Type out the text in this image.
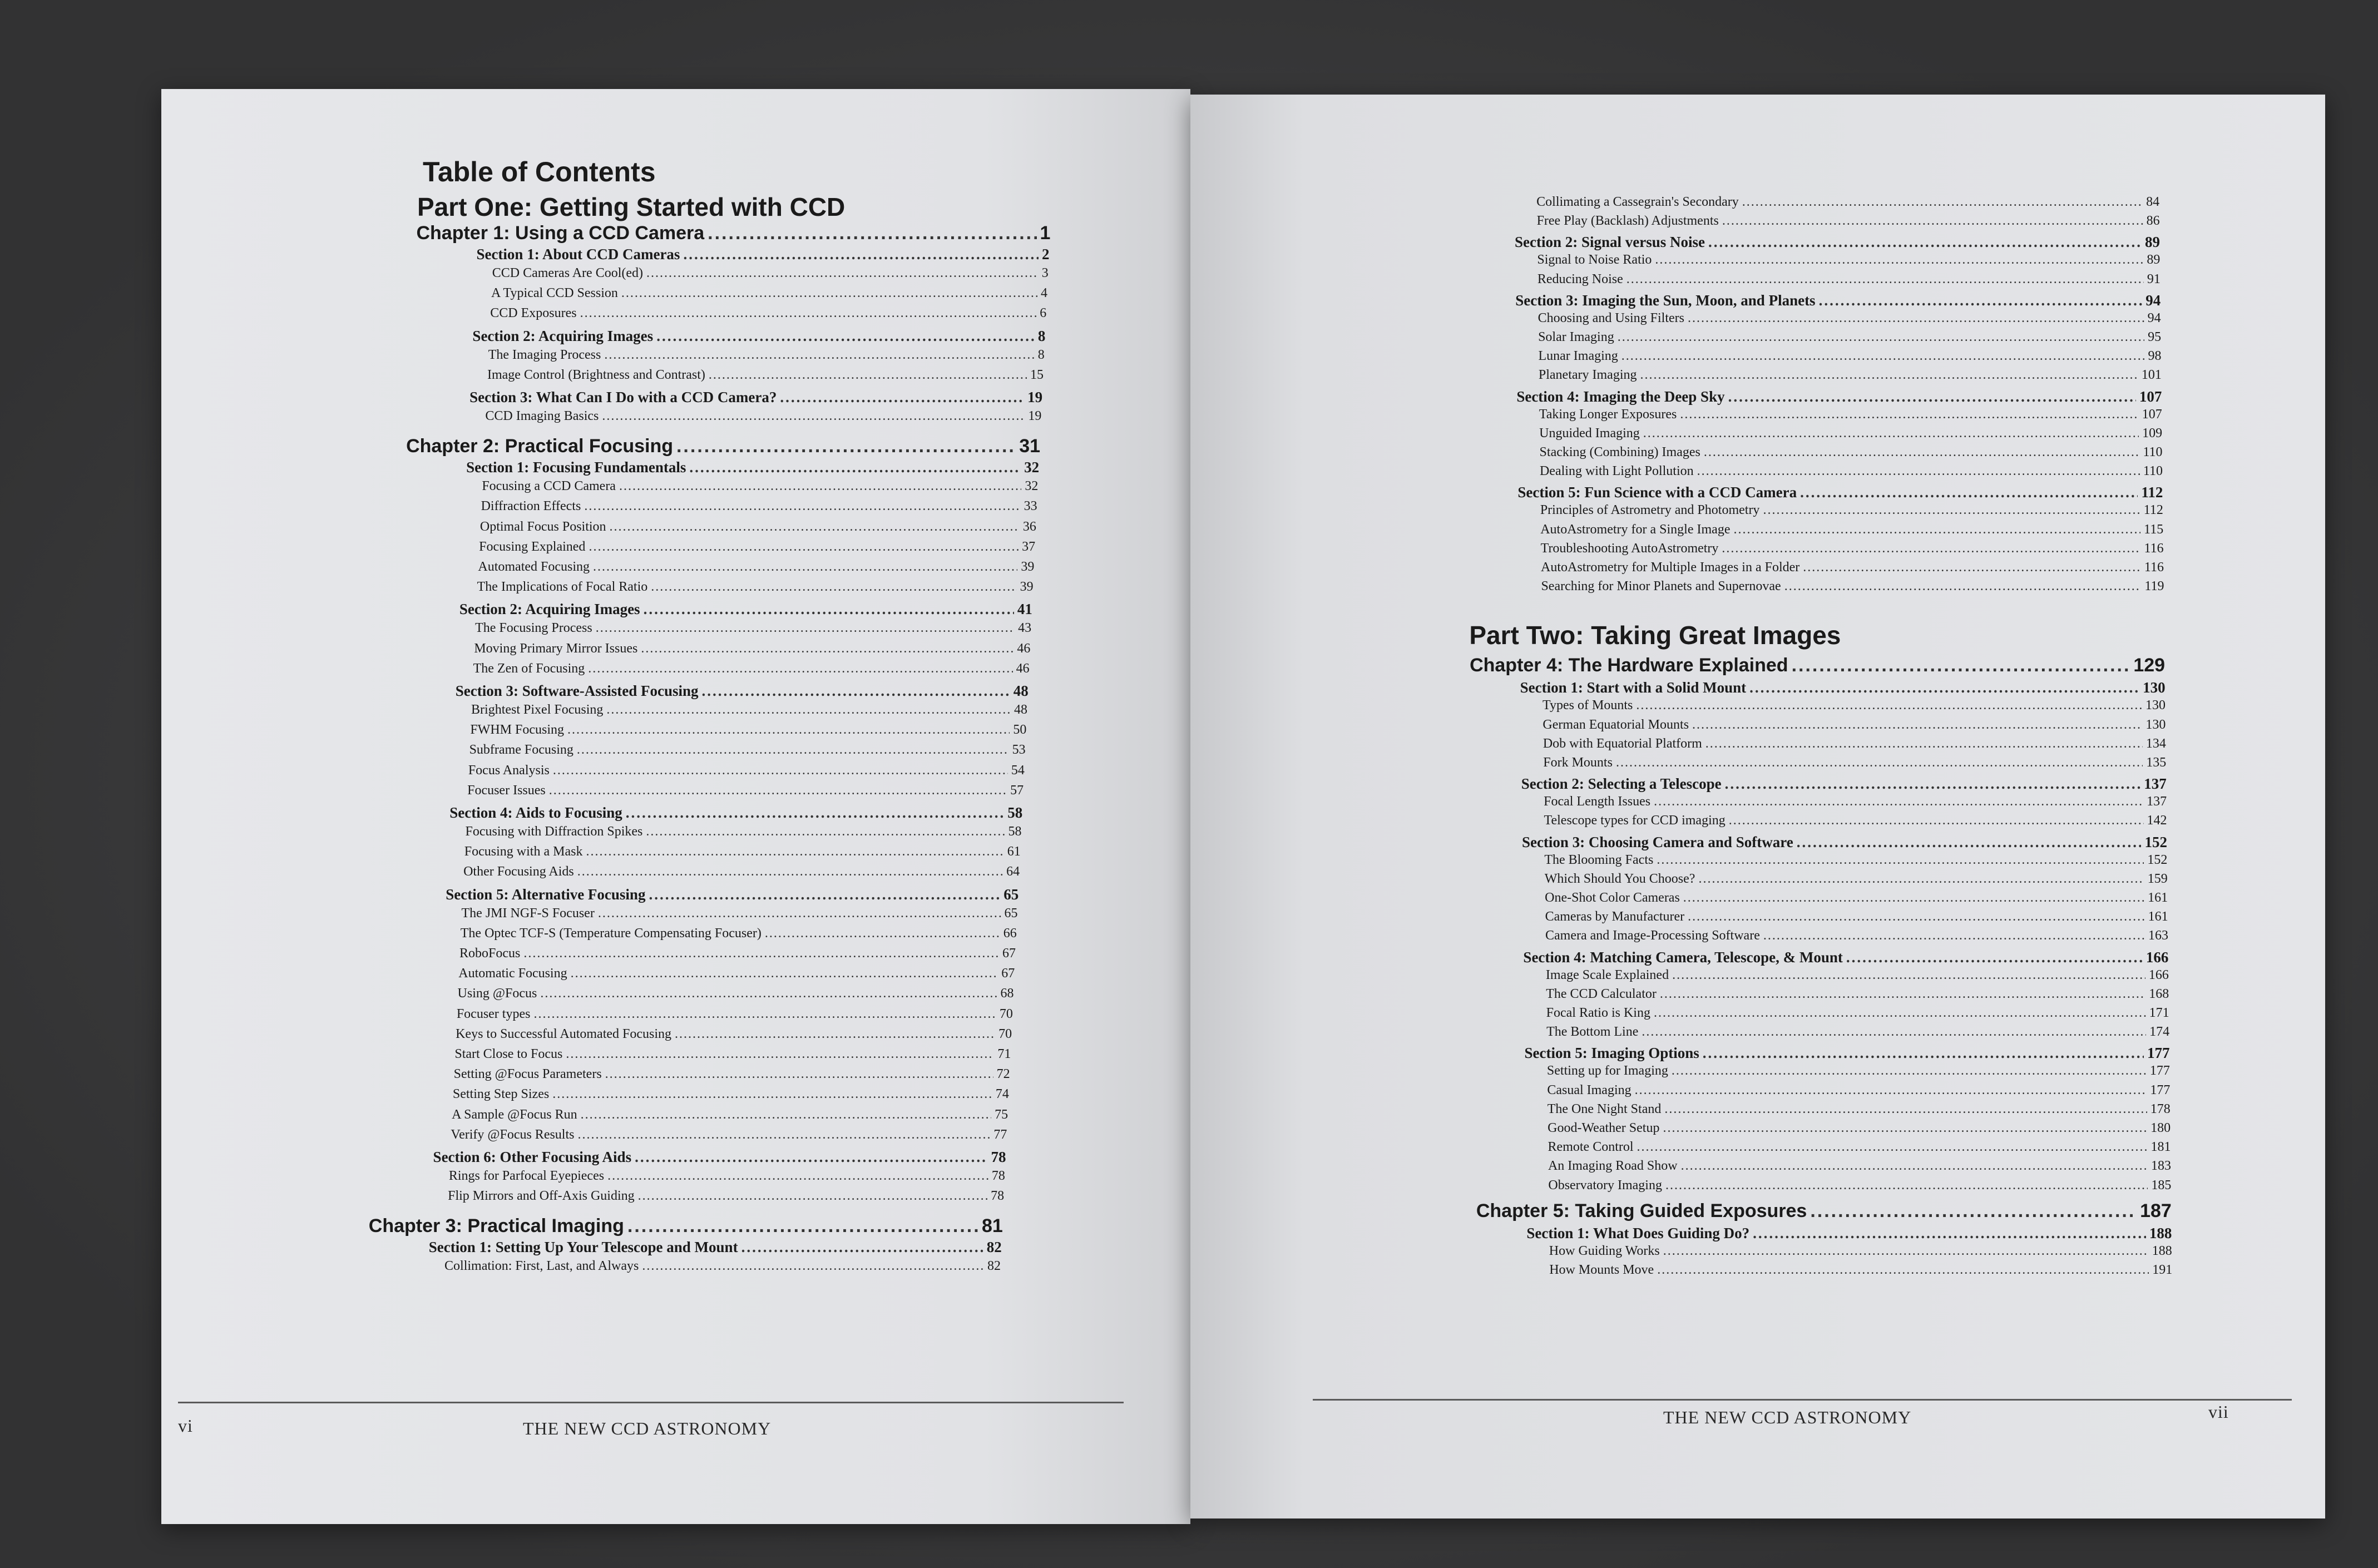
Table of Contents
Part One: Getting Started with CCD
Chapter 1: Using a CCD Camera .....	1
Section 1: About CCD Cameras .....	2
CCD Cameras Are Cool(ed) .....	3
A Typical CCD Session .....	4
CCD Exposures .....	6
Section 2: Acquiring Images .....	8
The Imaging Process .....	8
Image Control (Brightness and Contrast) .....	15
Section 3: What Can I Do with a CCD Camera? .....	19
CCD Imaging Basics .....	19
Chapter 2: Practical Focusing .....	31
Section 1: Focusing Fundamentals .....	32
Focusing a CCD Camera .....	32
Diffraction Effects .....	33
Optimal Focus Position .....	36
Focusing Explained .....	37
Automated Focusing .....	39
The Implications of Focal Ratio .....	39
Section 2: Acquiring Images .....	41
The Focusing Process .....	43
Moving Primary Mirror Issues .....	46
The Zen of Focusing .....	46
Section 3: Software-Assisted Focusing .....	48
Brightest Pixel Focusing .....	48
FWHM Focusing .....	50
Subframe Focusing .....	53
Focus Analysis .....	54
Focuser Issues .....	57
Section 4: Aids to Focusing .....	58
Focusing with Diffraction Spikes .....	58
Focusing with a Mask .....	61
Other Focusing Aids .....	64
Section 5: Alternative Focusing .....	65
The JMI NGF-S Focuser .....	65
The Optec TCF-S (Temperature Compensating Focuser) .....	66
RoboFocus .....	67
Automatic Focusing .....	67
Using @Focus .....	68
Focuser types .....	70
Keys to Successful Automated Focusing .....	70
Start Close to Focus .....	71
Setting @Focus Parameters .....	72
Setting Step Sizes .....	74
A Sample @Focus Run .....	75
Verify @Focus Results .....	77
Section 6: Other Focusing Aids .....	78
Rings for Parfocal Eyepieces .....	78
Flip Mirrors and Off-Axis Guiding .....	78
Chapter 3: Practical Imaging .....	81
Section 1: Setting Up Your Telescope and Mount .....	82
Collimation: First, Last, and Always .....	82
vi	THE NEW CCD ASTRONOMY
Collimating a Cassegrain's Secondary .....	84
Free Play (Backlash) Adjustments .....	86
Section 2: Signal versus Noise .....	89
Signal to Noise Ratio .....	89
Reducing Noise .....	91
Section 3: Imaging the Sun, Moon, and Planets .....	94
Choosing and Using Filters .....	94
Solar Imaging .....	95
Lunar Imaging .....	98
Planetary Imaging .....	101
Section 4: Imaging the Deep Sky .....	107
Taking Longer Exposures .....	107
Unguided Imaging .....	109
Stacking (Combining) Images .....	110
Dealing with Light Pollution .....	110
Section 5: Fun Science with a CCD Camera .....	112
Principles of Astrometry and Photometry .....	112
AutoAstrometry for a Single Image .....	115
Troubleshooting AutoAstrometry .....	116
AutoAstrometry for Multiple Images in a Folder .....	116
Searching for Minor Planets and Supernovae .....	119
Part Two: Taking Great Images
Chapter 4: The Hardware Explained .....	129
Section 1: Start with a Solid Mount .....	130
Types of Mounts .....	130
German Equatorial Mounts .....	130
Dob with Equatorial Platform .....	134
Fork Mounts .....	135
Section 2: Selecting a Telescope .....	137
Focal Length Issues .....	137
Telescope types for CCD imaging .....	142
Section 3: Choosing Camera and Software .....	152
The Blooming Facts .....	152
Which Should You Choose? .....	159
One-Shot Color Cameras .....	161
Cameras by Manufacturer .....	161
Camera and Image-Processing Software .....	163
Section 4: Matching Camera, Telescope, & Mount .....	166
Image Scale Explained .....	166
The CCD Calculator .....	168
Focal Ratio is King .....	171
The Bottom Line .....	174
Section 5: Imaging Options .....	177
Setting up for Imaging .....	177
Casual Imaging .....	177
The One Night Stand .....	178
Good-Weather Setup .....	180
Remote Control .....	181
An Imaging Road Show .....	183
Observatory Imaging .....	185
Chapter 5: Taking Guided Exposures .....	187
Section 1: What Does Guiding Do? .....	188
How Guiding Works .....	188
How Mounts Move .....	191
THE NEW CCD ASTRONOMY	vii
